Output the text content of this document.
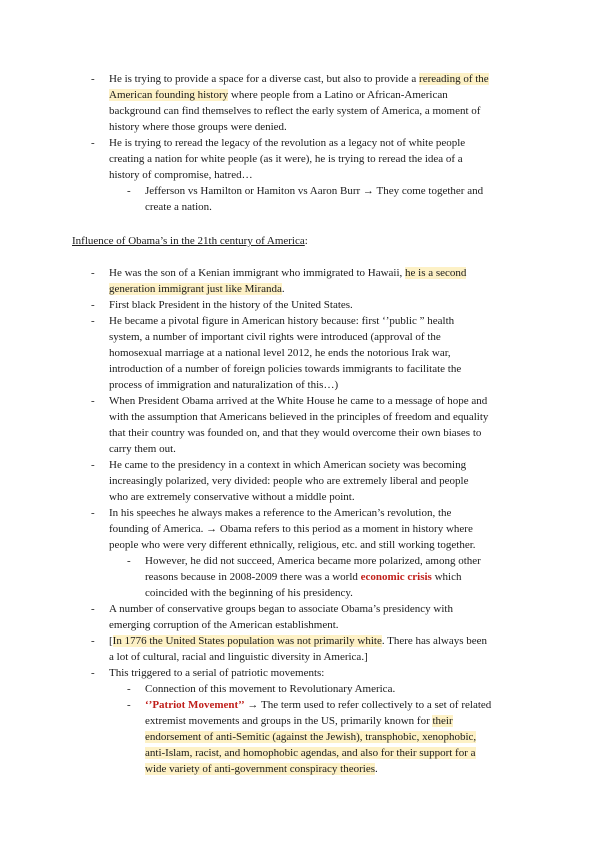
- He is trying to provide a space for a diverse cast, but also to provide a rereading of the
American founding history where people from a Latino or African-American
background can find themselves to reflect the early system of America, a moment of
history where those groups were denied.
- He is trying to reread the legacy of the revolution as a legacy not of white people
creating a nation for white people (as it were), he is trying to reread the idea of a
history of compromise, hatred…
- Jefferson vs Hamilton or Hamiton vs Aaron Burr → They come together and
create a nation.
Influence of Obama’s in the 21th century of America:
- He was the son of a Kenian immigrant who immigrated to Hawaii, he is a second
generation immigrant just like Miranda.
- First black President in the history of the United States.
- He became a pivotal figure in American history because: first ‘’public ” health
system, a number of important civil rights were introduced (approval of the
homosexual marriage at a national level 2012, he ends the notorious Irak war,
introduction of a number of foreign policies towards immigrants to facilitate the
process of immigration and naturalization of this…)
- When President Obama arrived at the White House he came to a message of hope and
with the assumption that Americans believed in the principles of freedom and equality
that their country was founded on, and that they would overcome their own biases to
carry them out.
- He came to the presidency in a context in which American society was becoming
increasingly polarized, very divided: people who are extremely liberal and people
who are extremely conservative without a middle point.
- In his speeches he always makes a reference to the American’s revolution, the
founding of America. → Obama refers to this period as a moment in history where
people who were very different ethnically, religious, etc. and still working together.
- However, he did not succeed, America became more polarized, among other
reasons because in 2008-2009 there was a world economic crisis which
coincided with the beginning of his presidency.
- A number of conservative groups began to associate Obama’s presidency with
emerging corruption of the American establishment.
- [In 1776 the United States population was not primarily white. There has always been
a lot of cultural, racial and linguistic diversity in America.]
- This triggered to a serial of patriotic movements:
- Connection of this movement to Revolutionary America.
- ‘’Patriot Movement’’ → The term used to refer collectively to a set of related
extremist movements and groups in the US, primarily known for their
endorsement of anti-Semitic (against the Jewish), transphobic, xenophobic,
anti-Islam, racist, and homophobic agendas, and also for their support for a
wide variety of anti-government conspiracy theories.
